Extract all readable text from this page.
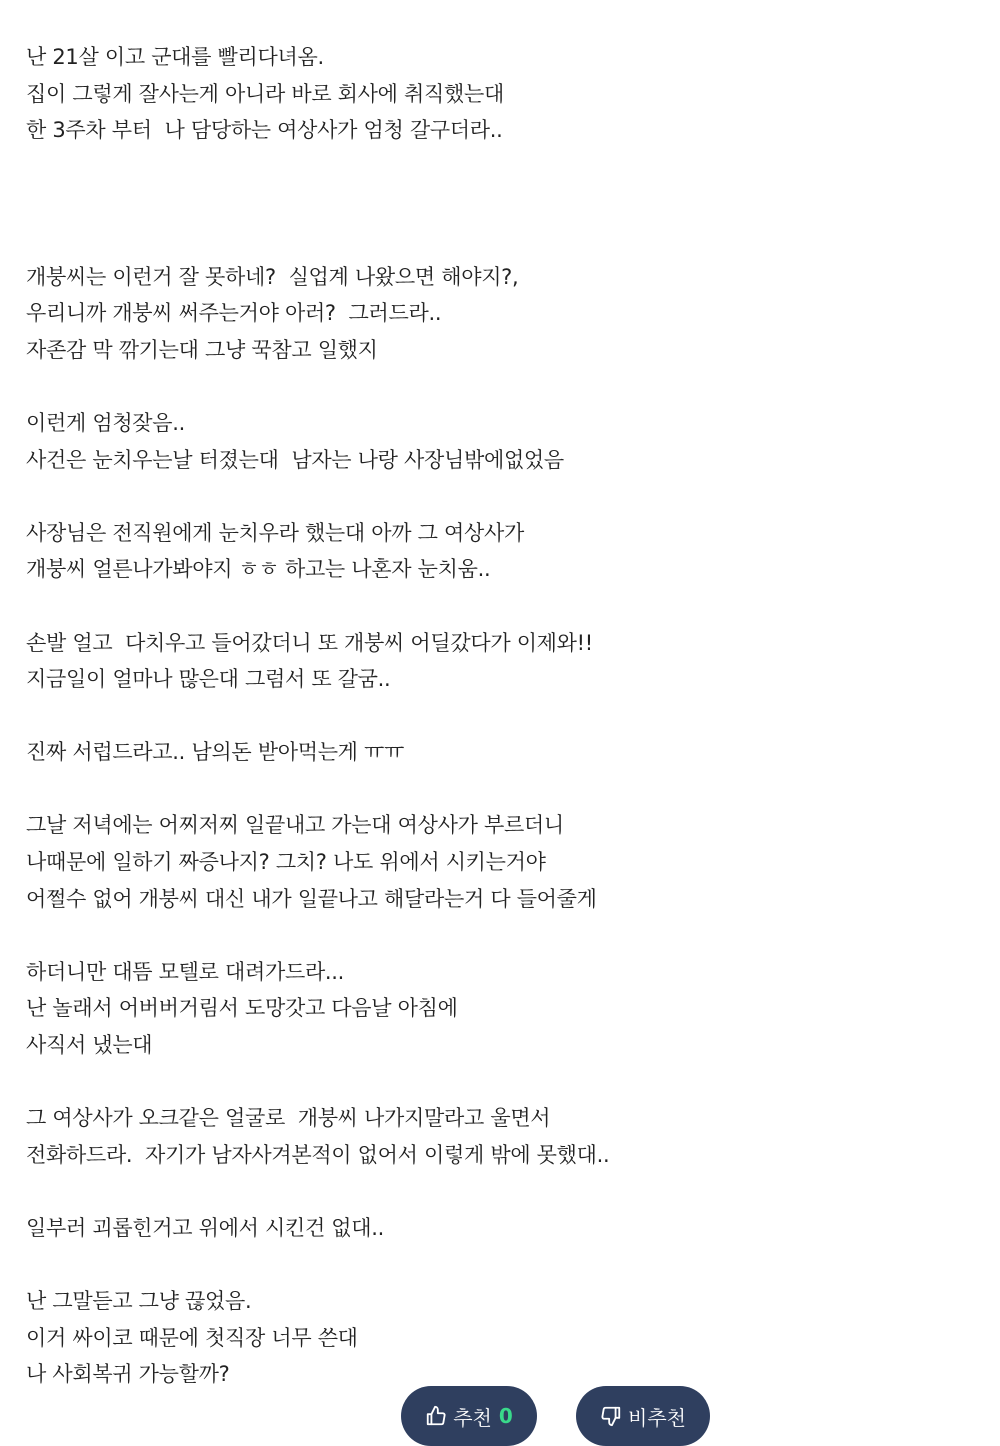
난 21살 이고 군대를 빨리다녀옴.
집이 그렇게 잘사는게 아니라 바로 회사에 취직했는대
한 3주차 부터  나 담당하는 여상사가 엄청 갈구더라..
개붕씨는 이런거 잘 못하네?  실업계 나왔으면 해야지?,
우리니까 개붕씨 써주는거야 아러?  그러드라..
자존감 막 깎기는대 그냥 꾹참고 일했지
이런게 엄청잦음..
사건은 눈치우는날 터졌는대  남자는 나랑 사장님밖에없었음
사장님은 전직원에게 눈치우라 했는대 아까 그 여상사가
개붕씨 얼른나가봐야지 ㅎㅎ 하고는 나혼자 눈치움..
손발 얼고  다치우고 들어갔더니 또 개붕씨 어딜갔다가 이제와!!
지금일이 얼마나 많은대 그럼서 또 갈굼..
진짜 서럽드라고.. 남의돈 받아먹는게 ㅠㅠ
그날 저녁에는 어찌저찌 일끝내고 가는대 여상사가 부르더니
나때문에 일하기 짜증나지? 그치? 나도 위에서 시키는거야
어쩔수 없어 개붕씨 대신 내가 일끝나고 해달라는거 다 들어줄게
하더니만 대뜸 모텔로 대려가드라...
난 놀래서 어버버거림서 도망갓고 다음날 아침에
사직서 냈는대
그 여상사가 오크같은 얼굴로  개붕씨 나가지말라고 울면서
전화하드라.  자기가 남자사겨본적이 없어서 이렇게 밖에 못했대..
일부러 괴롭힌거고 위에서 시킨건 없대..
난 그말듣고 그냥 끊었음.
이거 싸이코 때문에 첫직장 너무 쓴대
나 사회복귀 가능할까?
추천 0	비추천
